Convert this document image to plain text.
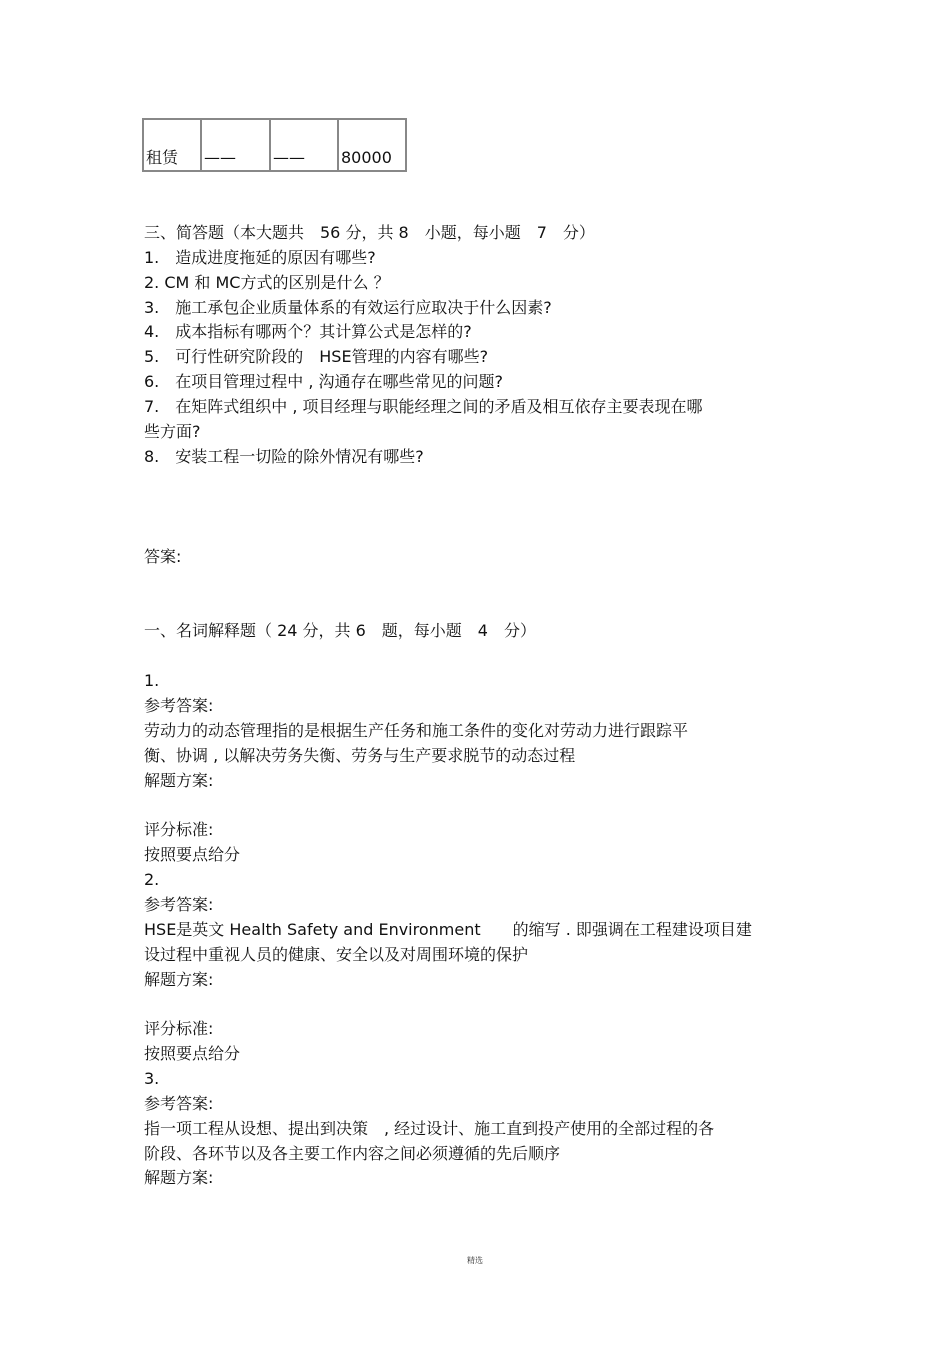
租赁	——	——	80000
三、简答题（本大题共　56 分，共 8　小题，每小题　7　分）
1.　造成进度拖延的原因有哪些?
2. CM 和 MC方式的区别是什么 ？
3.　施工承包企业质量体系的有效运行应取决于什么因素?
4.　成本指标有哪两个？其计算公式是怎样的?
5.　可行性研究阶段的　HSE管理的内容有哪些?
6.　在项目管理过程中 , 沟通存在哪些常见的问题?
7.　在矩阵式组织中 , 项目经理与职能经理之间的矛盾及相互依存主要表现在哪
些方面?
8.　安装工程一切险的除外情况有哪些?
答案:
一、名词解释题（ 24 分，共 6　题，每小题　4　分）
1.
参考答案:
劳动力的动态管理指的是根据生产任务和施工条件的变化对劳动力进行跟踪平
衡、协调 , 以解决劳务失衡、劳务与生产要求脱节的动态过程
解题方案:
评分标准:
按照要点给分
2.
参考答案:
HSE是英文 Health Safety and Environment　　的缩写 . 即强调在工程建设项目建
设过程中重视人员的健康、安全以及对周围环境的保护
解题方案:
评分标准:
按照要点给分
3.
参考答案:
指一项工程从设想、提出到决策　, 经过设计、施工直到投产使用的全部过程的各
阶段、各环节以及各主要工作内容之间必须遵循的先后顺序
解题方案:
精选
